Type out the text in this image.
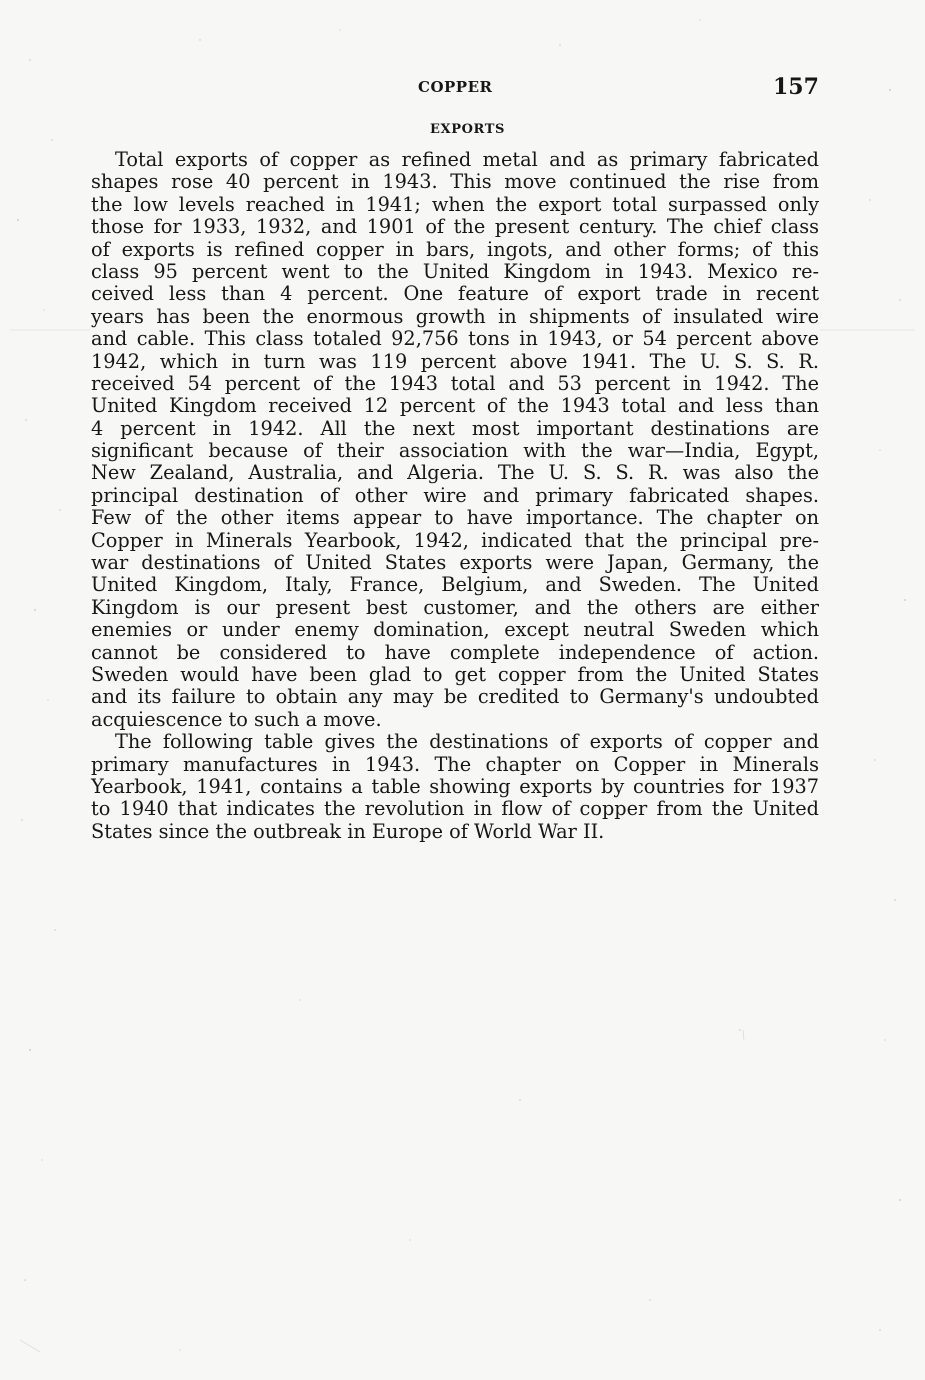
COPPER	157
EXPORTS
Total exports of copper as refined metal and as primary fabricated
shapes rose 40 percent in 1943. This move continued the rise from
the low levels reached in 1941; when the export total surpassed only
those for 1933, 1932, and 1901 of the present century. The chief class
of exports is refined copper in bars, ingots, and other forms; of this
class 95 percent went to the United Kingdom in 1943. Mexico re-
ceived less than 4 percent. One feature of export trade in recent
years has been the enormous growth in shipments of insulated wire
and cable. This class totaled 92,756 tons in 1943, or 54 percent above
1942, which in turn was 119 percent above 1941. The U. S. S. R.
received 54 percent of the 1943 total and 53 percent in 1942. The
United Kingdom received 12 percent of the 1943 total and less than
4 percent in 1942. All the next most important destinations are
significant because of their association with the war—India, Egypt,
New Zealand, Australia, and Algeria. The U. S. S. R. was also the
principal destination of other wire and primary fabricated shapes.
Few of the other items appear to have importance. The chapter on
Copper in Minerals Yearbook, 1942, indicated that the principal pre-
war destinations of United States exports were Japan, Germany, the
United Kingdom, Italy, France, Belgium, and Sweden. The United
Kingdom is our present best customer, and the others are either
enemies or under enemy domination, except neutral Sweden which
cannot be considered to have complete independence of action.
Sweden would have been glad to get copper from the United States
and its failure to obtain any may be credited to Germany's undoubted
acquiescence to such a move.
The following table gives the destinations of exports of copper and
primary manufactures in 1943. The chapter on Copper in Minerals
Yearbook, 1941, contains a table showing exports by countries for 1937
to 1940 that indicates the revolution in flow of copper from the United
States since the outbreak in Europe of World War II.
